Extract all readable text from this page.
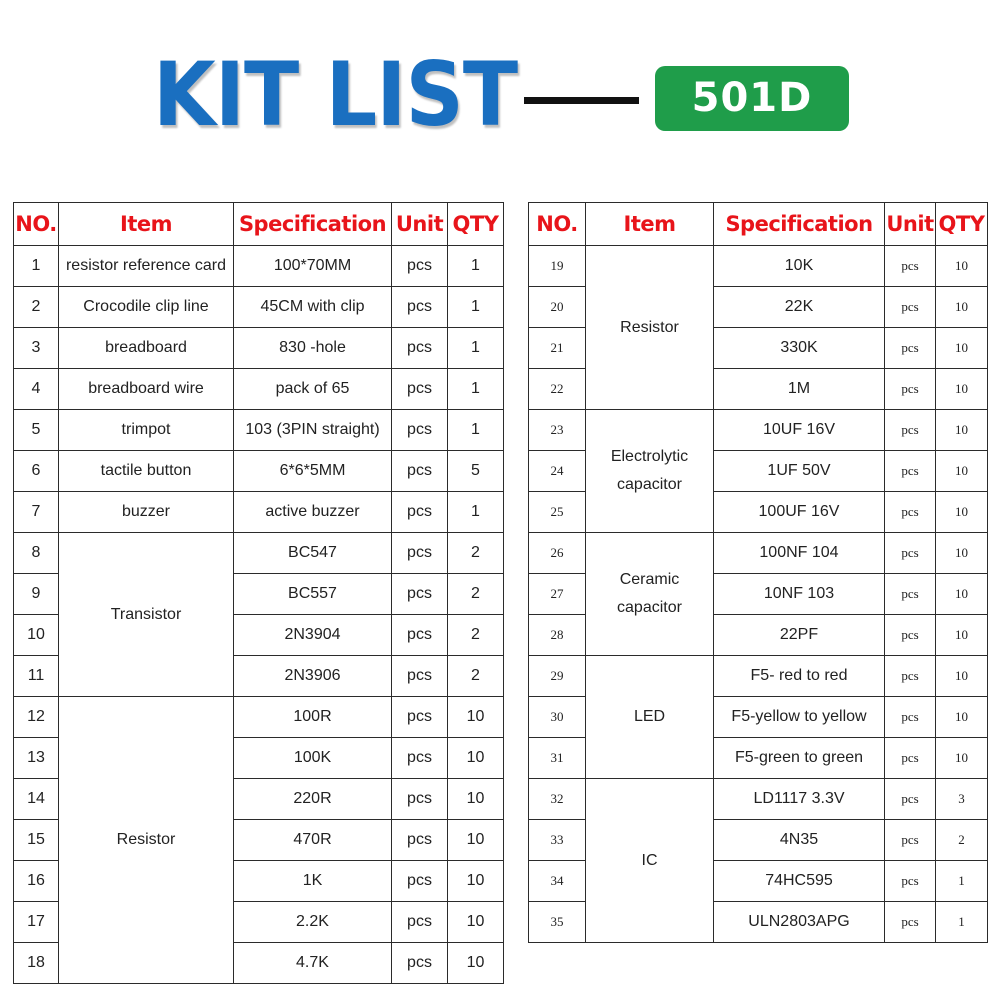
KIT LIST	501D
NO.	Item	Specification	Unit	QTY
1	resistor reference card	100*70MM	pcs	1
2	Crocodile clip line	45CM with clip	pcs	1
3	breadboard	830 -hole	pcs	1
4	breadboard wire	pack of 65	pcs	1
5	trimpot	103 (3PIN straight)	pcs	1
6	tactile button	6*6*5MM	pcs	5
7	buzzer	active buzzer	pcs	1
8	Transistor	BC547	pcs	2
9		BC557	pcs	2
10		2N3904	pcs	2
11		2N3906	pcs	2
12	Resistor	100R	pcs	10
13		100K	pcs	10
14		220R	pcs	10
15		470R	pcs	10
16		1K	pcs	10
17		2.2K	pcs	10
18		4.7K	pcs	10
NO.	Item	Specification	Unit	QTY
19	Resistor	10K	pcs	10
20		22K	pcs	10
21		330K	pcs	10
22		1M	pcs	10
23	Electrolytic capacitor	10UF 16V	pcs	10
24		1UF 50V	pcs	10
25		100UF 16V	pcs	10
26	Ceramic capacitor	100NF 104	pcs	10
27		10NF 103	pcs	10
28		22PF	pcs	10
29	LED	F5- red to red	pcs	10
30		F5-yellow to yellow	pcs	10
31		F5-green to green	pcs	10
32	IC	LD1117 3.3V	pcs	3
33		4N35	pcs	2
34		74HC595	pcs	1
35		ULN2803APG	pcs	1
